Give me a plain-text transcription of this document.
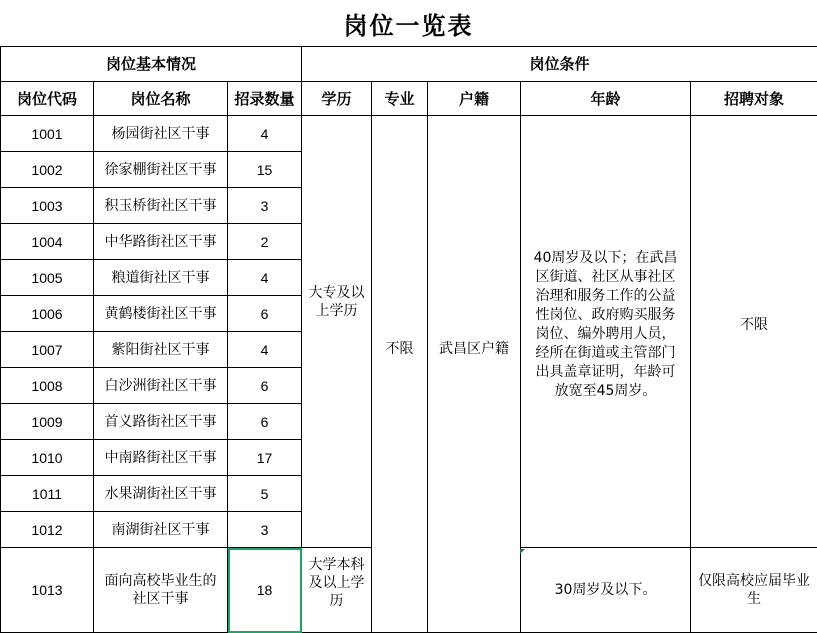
岗位一览表
岗位基本情况			岗位条件				
岗位代码	岗位名称	招录数量	学历	专业	户籍	年龄	招聘对象
1001	杨园街社区干事	4	大专及以上学历	不限	武昌区户籍	40周岁及以下；在武昌区街道、社区从事社区治理和服务工作的公益性岗位、政府购买服务岗位、编外聘用人员，经所在街道或主管部门出具盖章证明，年龄可放宽至45周岁。	不限
1002	徐家棚街社区干事	15					
1003	积玉桥街社区干事	3					
1004	中华路街社区干事	2					
1005	粮道街社区干事	4					
1006	黄鹤楼街社区干事	6					
1007	紫阳街社区干事	4					
1008	白沙洲街社区干事	6					
1009	首义路街社区干事	6					
1010	中南路街社区干事	17					
1011	水果湖街社区干事	5					
1012	南湖街社区干事	3					
1013	面向高校毕业生的社区干事	18	大学本科及以上学历			30周岁及以下。	仅限高校应届毕业生
